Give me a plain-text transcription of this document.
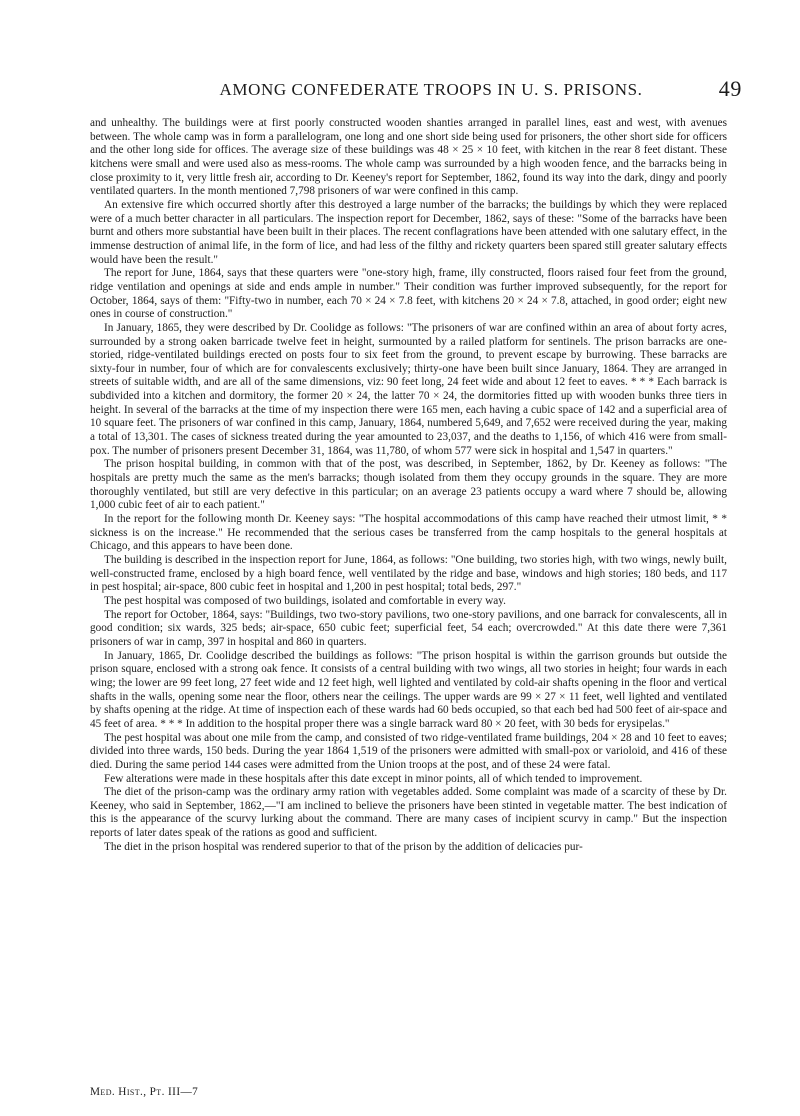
AMONG CONFEDERATE TROOPS IN U. S. PRISONS.	49

and unhealthy. The buildings were at first poorly constructed wooden shanties arranged in parallel lines, east and west, with avenues between. The whole camp was in form a parallelogram, one long and one short side being used for prisoners, the other short side for officers and the other long side for offices. The average size of these buildings was 48 × 25 × 10 feet, with kitchen in the rear 8 feet distant. These kitchens were small and were used also as mess-rooms. The whole camp was surrounded by a high wooden fence, and the barracks being in close proximity to it, very little fresh air, according to Dr. Keeney's report for September, 1862, found its way into the dark, dingy and poorly ventilated quarters. In the month mentioned 7,798 prisoners of war were confined in this camp.

An extensive fire which occurred shortly after this destroyed a large number of the barracks; the buildings by which they were replaced were of a much better character in all particulars. The inspection report for December, 1862, says of these: "Some of the barracks have been burnt and others more substantial have been built in their places. The recent conflagrations have been attended with one salutary effect, in the immense destruction of animal life, in the form of lice, and had less of the filthy and rickety quarters been spared still greater salutary effects would have been the result."

The report for June, 1864, says that these quarters were "one-story high, frame, illy constructed, floors raised four feet from the ground, ridge ventilation and openings at side and ends ample in number." Their condition was further improved subsequently, for the report for October, 1864, says of them: "Fifty-two in number, each 70 × 24 × 7.8 feet, with kitchens 20 × 24 × 7.8, attached, in good order; eight new ones in course of construction."

In January, 1865, they were described by Dr. Coolidge as follows: "The prisoners of war are confined within an area of about forty acres, surrounded by a strong oaken barricade twelve feet in height, surmounted by a railed platform for sentinels. The prison barracks are one-storied, ridge-ventilated buildings erected on posts four to six feet from the ground, to prevent escape by burrowing. These barracks are sixty-four in number, four of which are for convalescents exclusively; thirty-one have been built since January, 1864. They are arranged in streets of suitable width, and are all of the same dimensions, viz: 90 feet long, 24 feet wide and about 12 feet to eaves. * * * Each barrack is subdivided into a kitchen and dormitory, the former 20 × 24, the latter 70 × 24, the dormitories fitted up with wooden bunks three tiers in height. In several of the barracks at the time of my inspection there were 165 men, each having a cubic space of 142 and a superficial area of 10 square feet. The prisoners of war confined in this camp, January, 1864, numbered 5,649, and 7,652 were received during the year, making a total of 13,301. The cases of sickness treated during the year amounted to 23,037, and the deaths to 1,156, of which 416 were from small-pox. The number of prisoners present December 31, 1864, was 11,780, of whom 577 were sick in hospital and 1,547 in quarters."

The prison hospital building, in common with that of the post, was described, in September, 1862, by Dr. Keeney as follows: "The hospitals are pretty much the same as the men's barracks; though isolated from them they occupy grounds in the square. They are more thoroughly ventilated, but still are very defective in this particular; on an average 23 patients occupy a ward where 7 should be, allowing 1,000 cubic feet of air to each patient."

In the report for the following month Dr. Keeney says: "The hospital accommodations of this camp have reached their utmost limit, * * sickness is on the increase." He recommended that the serious cases be transferred from the camp hospitals to the general hospitals at Chicago, and this appears to have been done.

The building is described in the inspection report for June, 1864, as follows: "One building, two stories high, with two wings, newly built, well-constructed frame, enclosed by a high board fence, well ventilated by the ridge and base, windows and high stories; 180 beds, and 117 in pest hospital; air-space, 800 cubic feet in hospital and 1,200 in pest hospital; total beds, 297."

The pest hospital was composed of two buildings, isolated and comfortable in every way.

The report for October, 1864, says: "Buildings, two two-story pavilions, two one-story pavilions, and one barrack for convalescents, all in good condition; six wards, 325 beds; air-space, 650 cubic feet; superficial feet, 54 each; overcrowded." At this date there were 7,361 prisoners of war in camp, 397 in hospital and 860 in quarters.

In January, 1865, Dr. Coolidge described the buildings as follows: "The prison hospital is within the garrison grounds but outside the prison square, enclosed with a strong oak fence. It consists of a central building with two wings, all two stories in height; four wards in each wing; the lower are 99 feet long, 27 feet wide and 12 feet high, well lighted and ventilated by cold-air shafts opening in the floor and vertical shafts in the walls, opening some near the floor, others near the ceilings. The upper wards are 99 × 27 × 11 feet, well lighted and ventilated by shafts opening at the ridge. At time of inspection each of these wards had 60 beds occupied, so that each bed had 500 feet of air-space and 45 feet of area. * * * In addition to the hospital proper there was a single barrack ward 80 × 20 feet, with 30 beds for erysipelas."

The pest hospital was about one mile from the camp, and consisted of two ridge-ventilated frame buildings, 204 × 28 and 10 feet to eaves; divided into three wards, 150 beds. During the year 1864 1,519 of the prisoners were admitted with small-pox or varioloid, and 416 of these died. During the same period 144 cases were admitted from the Union troops at the post, and of these 24 were fatal.

Few alterations were made in these hospitals after this date except in minor points, all of which tended to improvement.

The diet of the prison-camp was the ordinary army ration with vegetables added. Some complaint was made of a scarcity of these by Dr. Keeney, who said in September, 1862,—"I am inclined to believe the prisoners have been stinted in vegetable matter. The best indication of this is the appearance of the scurvy lurking about the command. There are many cases of incipient scurvy in camp." But the inspection reports of later dates speak of the rations as good and sufficient.

The diet in the prison hospital was rendered superior to that of the prison by the addition of delicacies pur-

Med. Hist., Pt. III—7
